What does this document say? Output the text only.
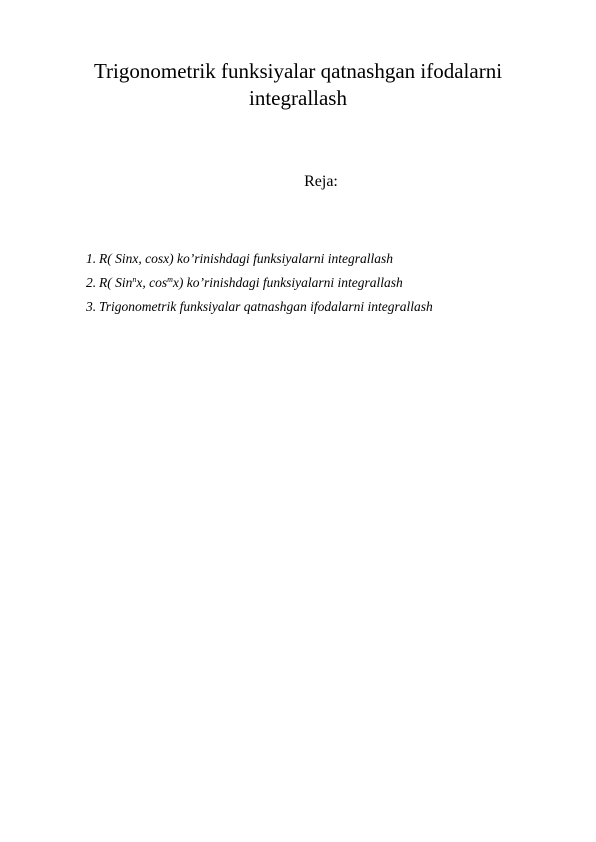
Trigonometrik funksiyalar qatnashgan ifodalarni
integrallash
Reja:
1. R( Sinx, cosx) ko’rinishdagi funksiyalarni integrallash
2. R( Sin$^n$x, $\cos^mx$) ko’rinishdagi funksiyalarni integrallash
3. Trigonometrik funksiyalar qatnashgan ifodalarni integrallash
